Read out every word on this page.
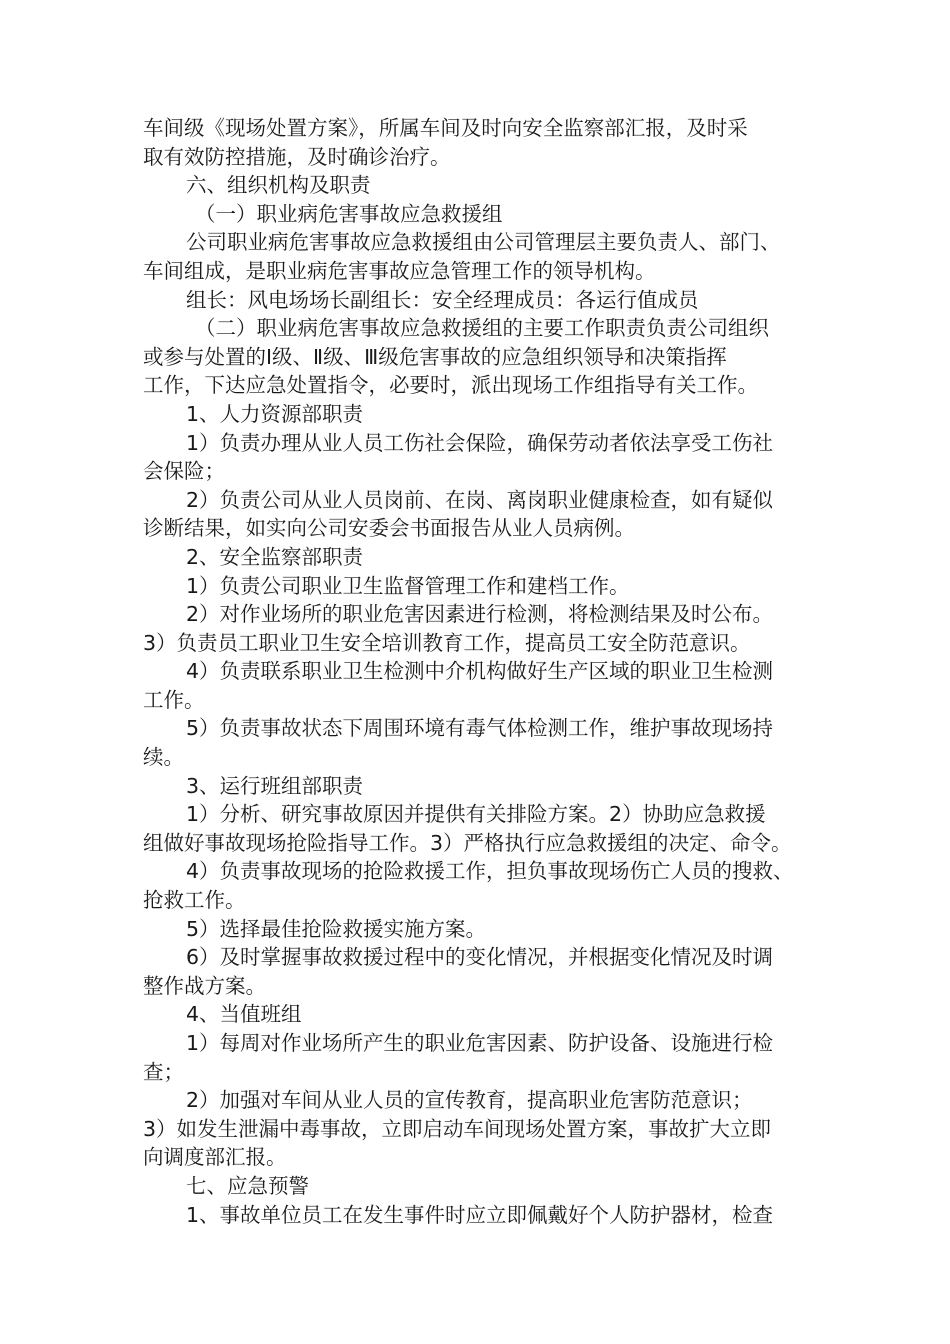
车间级《现场处置方案》，所属车间及时向安全监察部汇报，及时采

取有效防控措施，及时确诊治疗。

六、组织机构及职责

（一）职业病危害事故应急救援组

公司职业病危害事故应急救援组由公司管理层主要负责人、部门、

车间组成，是职业病危害事故应急管理工作的领导机构。

组长：风电场场长副组长：安全经理成员：各运行值成员

（二）职业病危害事故应急救援组的主要工作职责负责公司组织

或参与处置的Ⅰ级、Ⅱ级、Ⅲ级危害事故的应急组织领导和决策指挥

工作，下达应急处置指令，必要时，派出现场工作组指导有关工作。

1、人力资源部职责

1）负责办理从业人员工伤社会保险，确保劳动者依法享受工伤社

会保险；

2）负责公司从业人员岗前、在岗、离岗职业健康检查，如有疑似

诊断结果，如实向公司安委会书面报告从业人员病例。

2、安全监察部职责

1）负责公司职业卫生监督管理工作和建档工作。

2）对作业场所的职业危害因素进行检测，将检测结果及时公布。

3）负责员工职业卫生安全培训教育工作，提高员工安全防范意识。

4）负责联系职业卫生检测中介机构做好生产区域的职业卫生检测

工作。

5）负责事故状态下周围环境有毒气体检测工作，维护事故现场持

续。

3、运行班组部职责

1）分析、研究事故原因并提供有关排险方案。2）协助应急救援

组做好事故现场抢险指导工作。3）严格执行应急救援组的决定、命令。

4）负责事故现场的抢险救援工作，担负事故现场伤亡人员的搜救、

抢救工作。

5）选择最佳抢险救援实施方案。

6）及时掌握事故救援过程中的变化情况，并根据变化情况及时调

整作战方案。

4、当值班组

1）每周对作业场所产生的职业危害因素、防护设备、设施进行检

查；

2）加强对车间从业人员的宣传教育，提高职业危害防范意识；

3）如发生泄漏中毒事故，立即启动车间现场处置方案，事故扩大立即

向调度部汇报。

七、应急预警

1、事故单位员工在发生事件时应立即佩戴好个人防护器材，检查
